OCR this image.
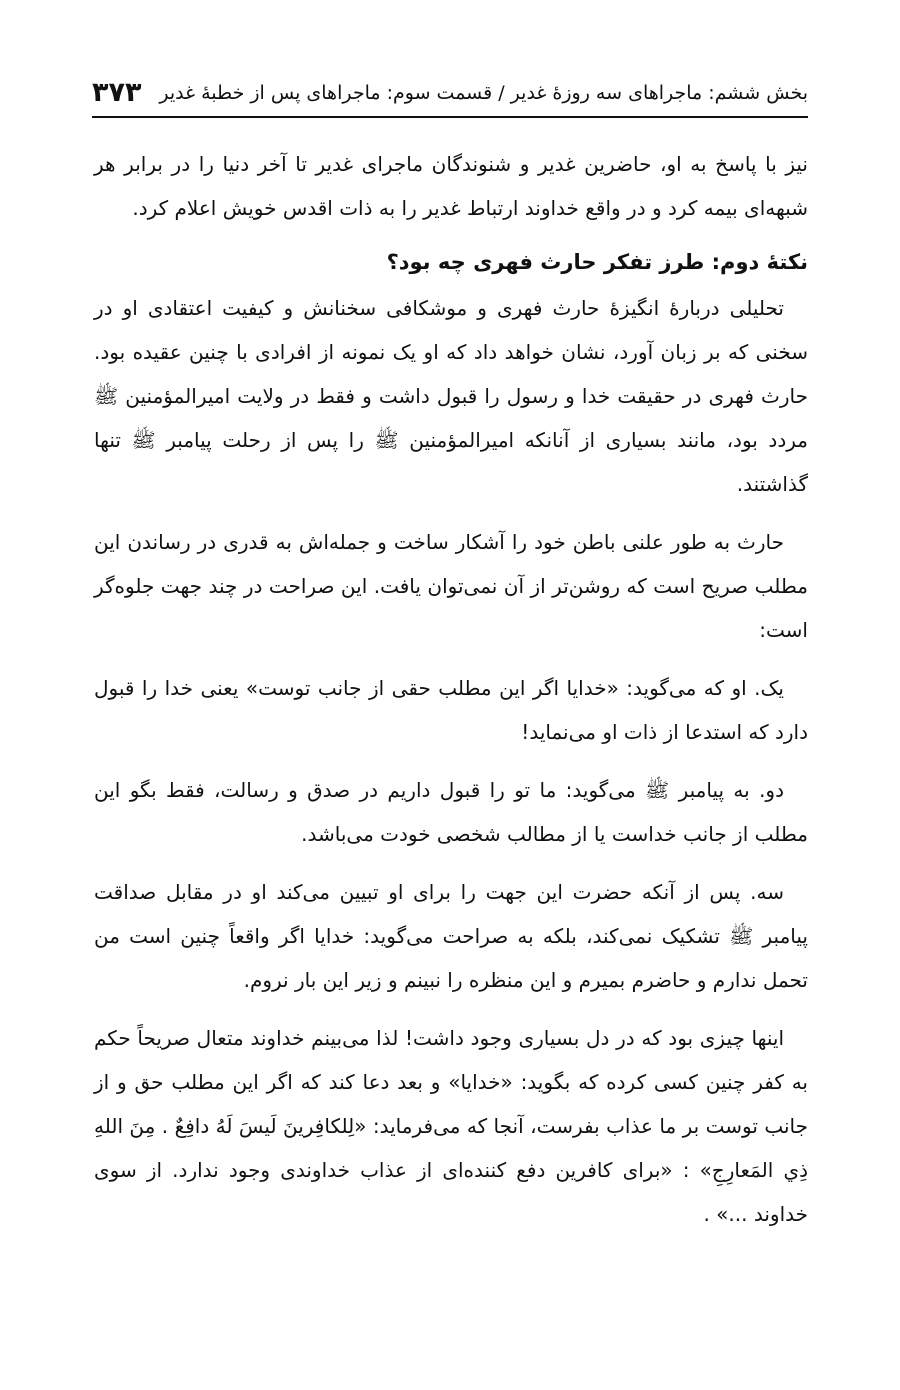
بخش ششم: ماجراهای سه روزهٔ غدیر / قسمت سوم: ماجراهای پس از خطبهٔ غدیر
۳۷۳

نیز با پاسخ به او، حاضرین غدیر و شنوندگان ماجرای غدیر تا آخر دنیا را در برابر هر شبهه‌ای بیمه کرد و در واقع خداوند ارتباط غدیر را به ذات اقدس خویش اعلام کرد.

نکتهٔ دوم: طرز تفکر حارث فهری چه بود؟

تحلیلی دربارهٔ انگیزهٔ حارث فهری و موشکافی سخنانش و کیفیت اعتقادی او در سخنی که بر زبان آورد، نشان خواهد داد که او یک نمونه از افرادی با چنین عقیده بود. حارث فهری در حقیقت خدا و رسول را قبول داشت و فقط در ولایت امیرالمؤمنین ﷺ مردد بود، مانند بسیاری از آنانکه امیرالمؤمنین ﷺ را پس از رحلت پیامبر ﷺ تنها گذاشتند.

حارث به طور علنی باطن خود را آشکار ساخت و جمله‌اش به قدری در رساندن این مطلب صریح است که روشن‌تر از آن نمی‌توان یافت. این صراحت در چند جهت جلوه‌گر است:

یک. او که می‌گوید: «خدایا اگر این مطلب حقی از جانب توست» یعنی خدا را قبول دارد که استدعا از ذات او می‌نماید!

دو. به پیامبر ﷺ می‌گوید: ما تو را قبول داریم در صدق و رسالت، فقط بگو این مطلب از جانب خداست یا از مطالب شخصی خودت می‌باشد.

سه. پس از آنکه حضرت این جهت را برای او تبیین می‌کند او در مقابل صداقت پیامبر ﷺ تشکیک نمی‌کند، بلکه به صراحت می‌گوید: خدایا اگر واقعاً چنین است من تحمل ندارم و حاضرم بمیرم و این منظره را نبینم و زیر این بار نروم.

اینها چیزی بود که در دل بسیاری وجود داشت! لذا می‌بینم خداوند متعال صریحاً حکم به کفر چنین کسی کرده که بگوید: «خدایا» و بعد دعا کند که اگر این مطلب حق و از جانب توست بر ما عذاب بفرست، آنجا که می‌فرماید: «لِلكافِرينَ لَيسَ لَهُ دافِعٌ . مِنَ اللهِ ذِي المَعارِجِ» : «برای کافرین دفع کننده‌ای از عذاب خداوندی وجود ندارد. از سوی خداوند ...» .
